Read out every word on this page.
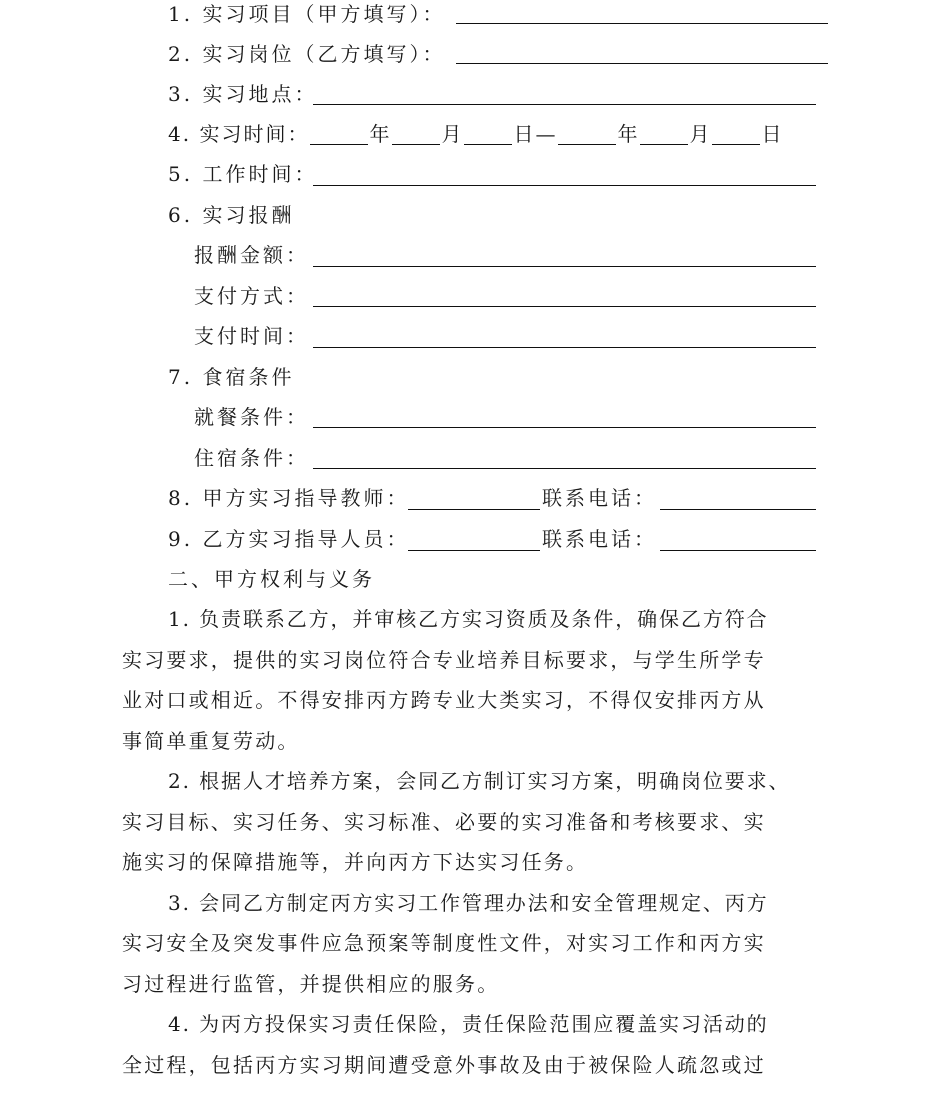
1. 实习项目（甲方填写）：
2. 实习岗位（乙方填写）：
3. 实习地点：
4. 实习时间：	年	月	日—	年	月	日
5. 工作时间：
6. 实习报酬
报酬金额：
支付方式：
支付时间：
7. 食宿条件
就餐条件：
住宿条件：
8. 甲方实习指导教师：	联系电话：
9. 乙方实习指导人员：	联系电话：
二、甲方权利与义务
1. 负责联系乙方，并审核乙方实习资质及条件，确保乙方符合
实习要求，提供的实习岗位符合专业培养目标要求，与学生所学专
业对口或相近。不得安排丙方跨专业大类实习，不得仅安排丙方从
事简单重复劳动。
2. 根据人才培养方案，会同乙方制订实习方案，明确岗位要求、
实习目标、实习任务、实习标准、必要的实习准备和考核要求、实
施实习的保障措施等，并向丙方下达实习任务。
3. 会同乙方制定丙方实习工作管理办法和安全管理规定、丙方
实习安全及突发事件应急预案等制度性文件，对实习工作和丙方实
习过程进行监管，并提供相应的服务。
4. 为丙方投保实习责任保险，责任保险范围应覆盖实习活动的
全过程，包括丙方实习期间遭受意外事故及由于被保险人疏忽或过
